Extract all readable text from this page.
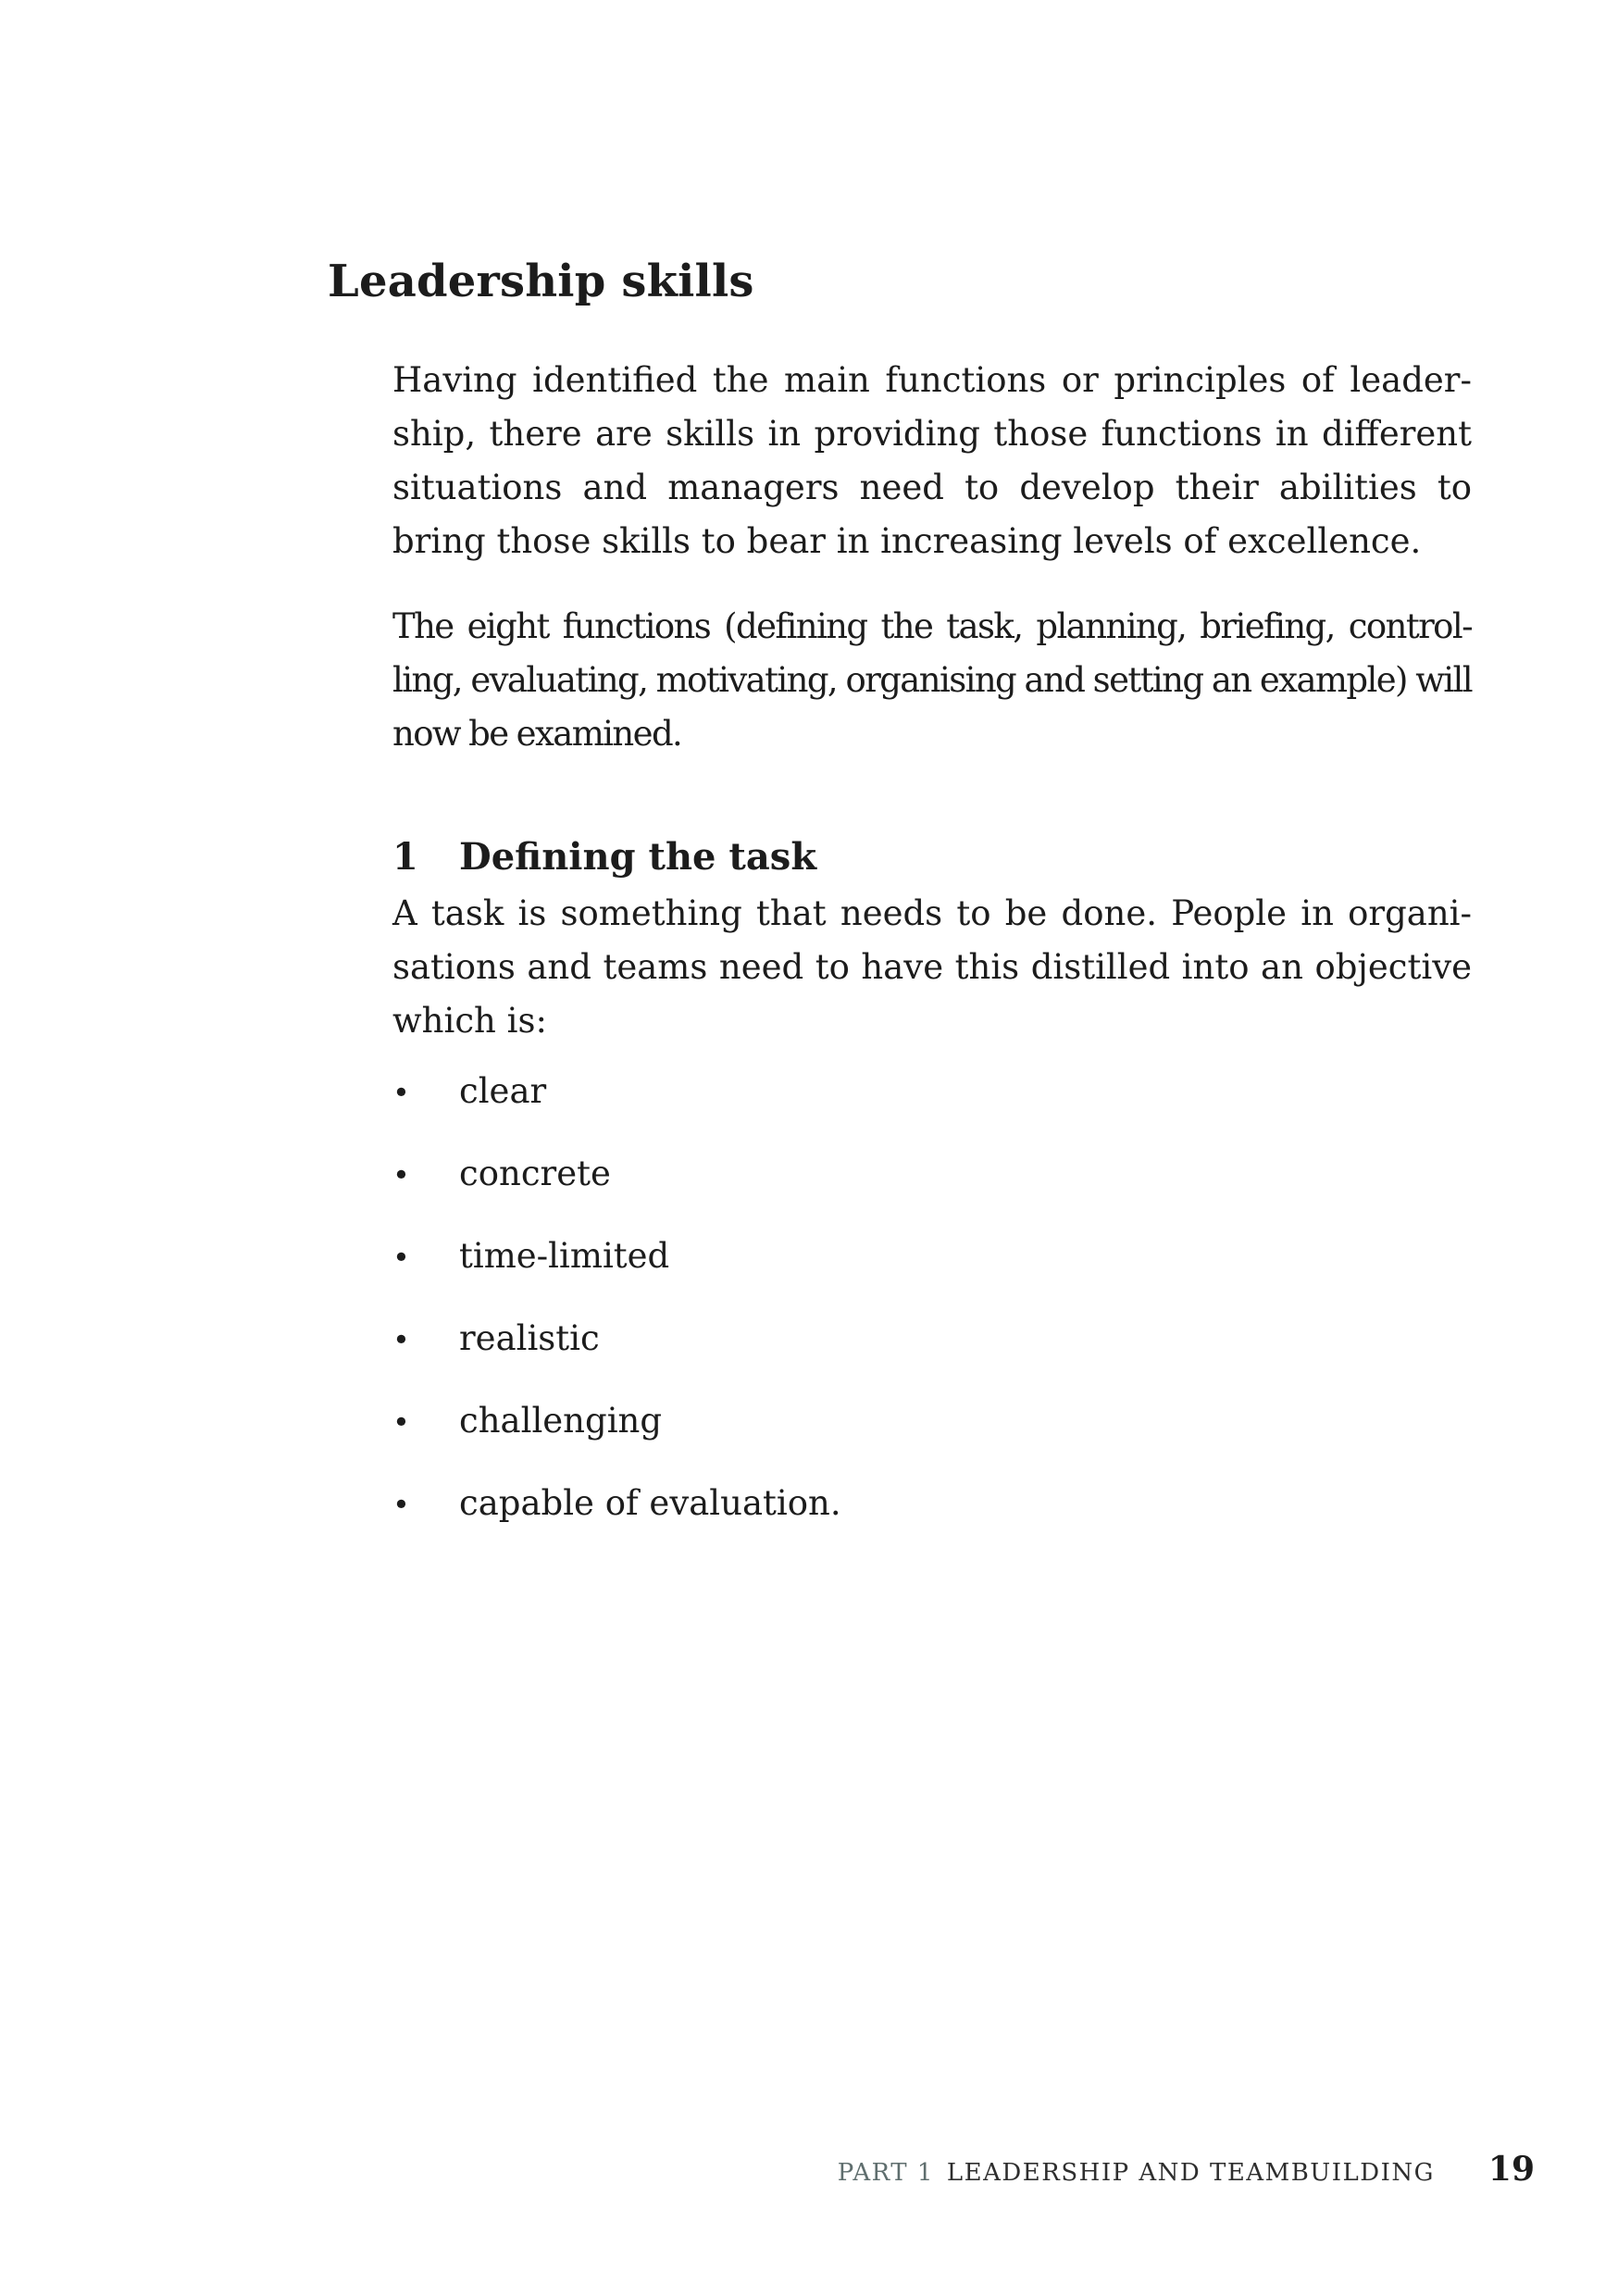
Leadership skills

Having identified the main functions or principles of leader-ship, there are skills in providing those functions in different situations and managers need to develop their abilities to bring those skills to bear in increasing levels of excellence.

The eight functions (defining the task, planning, briefing, control-ling, evaluating, motivating, organising and setting an example) will now be examined.

1	Defining the task

A task is something that needs to be done. People in organi-sations and teams need to have this distilled into an objective which is:

•	clear
•	concrete
•	time-limited
•	realistic
•	challenging
•	capable of evaluation.
PART 1 LEADERSHIP AND TEAMBUILDING 19
